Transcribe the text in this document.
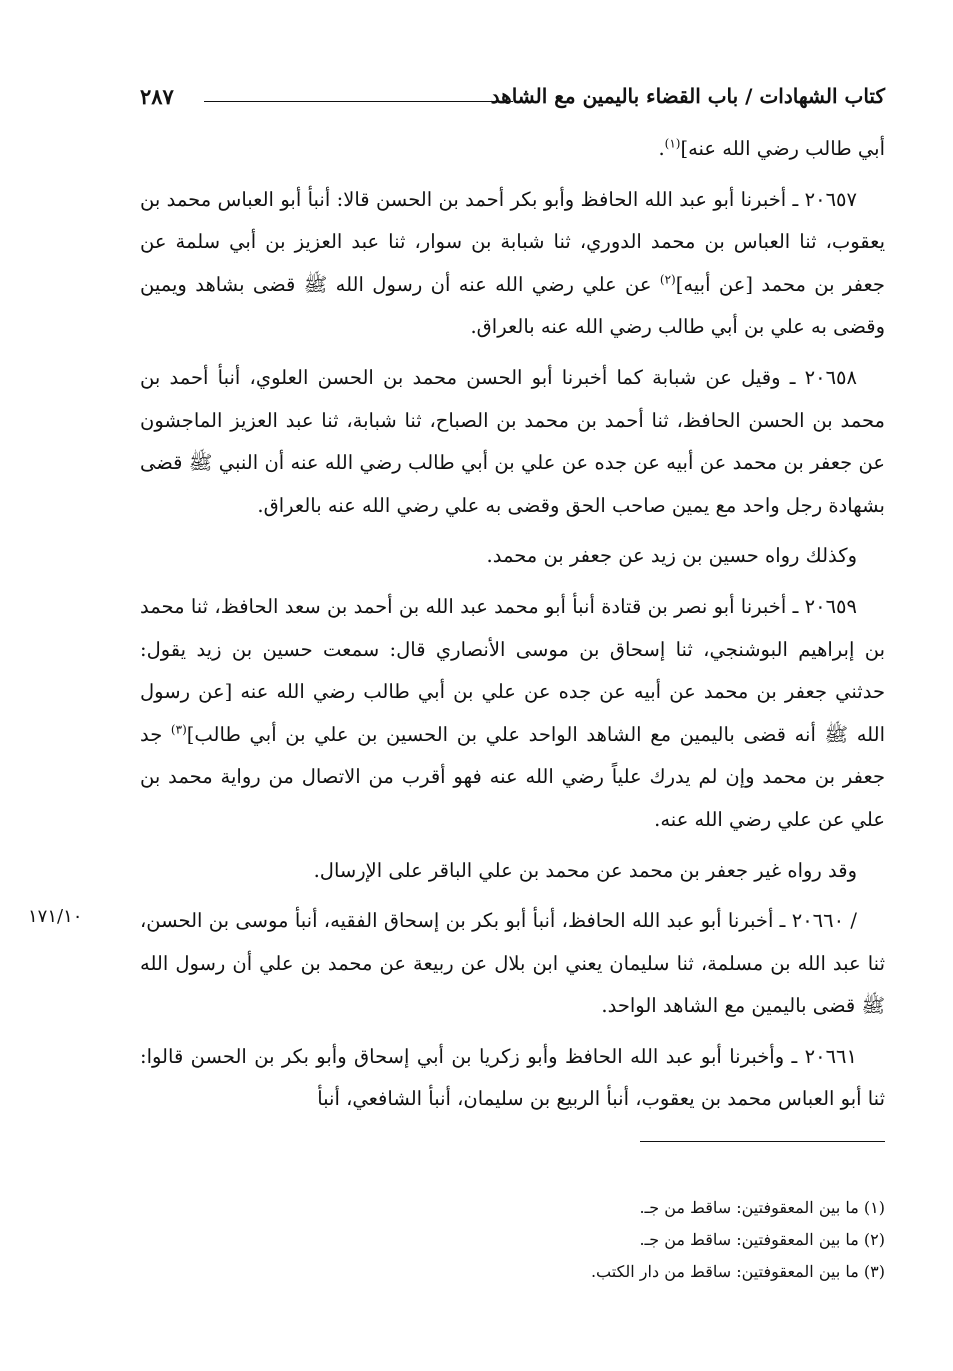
كتاب الشهادات / باب القضاء باليمين مع الشاهد
٢٨٧

أبي طالب رضي الله عنه]$^{(١)}$.

٢٠٦٥٧ ـ أخبرنا أبو عبد الله الحافظ وأبو بكر أحمد بن الحسن قالا: أنبأ أبو العباس محمد بن يعقوب، ثنا العباس بن محمد الدوري، ثنا شبابة بن سوار، ثنا عبد العزيز بن أبي سلمة عن جعفر بن محمد [عن أبيه]$^{(٢)}$ عن علي رضي الله عنه أن رسول الله ﷺ قضى بشاهد ويمين وقضى به علي بن أبي طالب رضي الله عنه بالعراق.

٢٠٦٥٨ ـ وقيل عن شبابة كما أخبرنا أبو الحسن محمد بن الحسن العلوي، أنبأ أحمد بن محمد بن الحسن الحافظ، ثنا أحمد بن محمد بن الصباح، ثنا شبابة، ثنا عبد العزيز الماجشون عن جعفر بن محمد عن أبيه عن جده عن علي بن أبي طالب رضي الله عنه أن النبي ﷺ قضى بشهادة رجل واحد مع يمين صاحب الحق وقضى به علي رضي الله عنه بالعراق.

وكذلك رواه حسين بن زيد عن جعفر بن محمد.

٢٠٦٥٩ ـ أخبرنا أبو نصر بن قتادة أنبأ أبو محمد عبد الله بن أحمد بن سعد الحافظ، ثنا محمد بن إبراهيم البوشنجي، ثنا إسحاق بن موسى الأنصاري قال: سمعت حسين بن زيد يقول: حدثني جعفر بن محمد عن أبيه عن جده عن علي بن أبي طالب رضي الله عنه [عن رسول الله ﷺ أنه قضى باليمين مع الشاهد الواحد علي بن الحسين بن علي بن أبي طالب]$^{(٣)}$ جد جعفر بن محمد وإن لم يدرك علياً رضي الله عنه فهو أقرب من الاتصال من رواية محمد بن علي عن علي رضي الله عنه.

وقد رواه غير جعفر بن محمد عن محمد بن علي الباقر على الإرسال.

/ ٢٠٦٦٠ ـ أخبرنا أبو عبد الله الحافظ، أنبأ أبو بكر بن إسحاق الفقيه، أنبأ موسى بن الحسن، ثنا عبد الله بن مسلمة، ثنا سليمان يعني ابن بلال عن ربيعة عن محمد بن علي أن رسول الله ﷺ قضى باليمين مع الشاهد الواحد.

٢٠٦٦١ ـ وأخبرنا أبو عبد الله الحافظ وأبو زكريا بن أبي إسحاق وأبو بكر بن الحسن قالوا: ثنا أبو العباس محمد بن يعقوب، أنبأ الربيع بن سليمان، أنبأ الشافعي، أنبأ

١٧١/١٠

(١) ما بين المعقوفتين: ساقط من جـ.

(٢) ما بين المعقوفتين: ساقط من جـ.

(٣) ما بين المعقوفتين: ساقط من دار الكتب.
